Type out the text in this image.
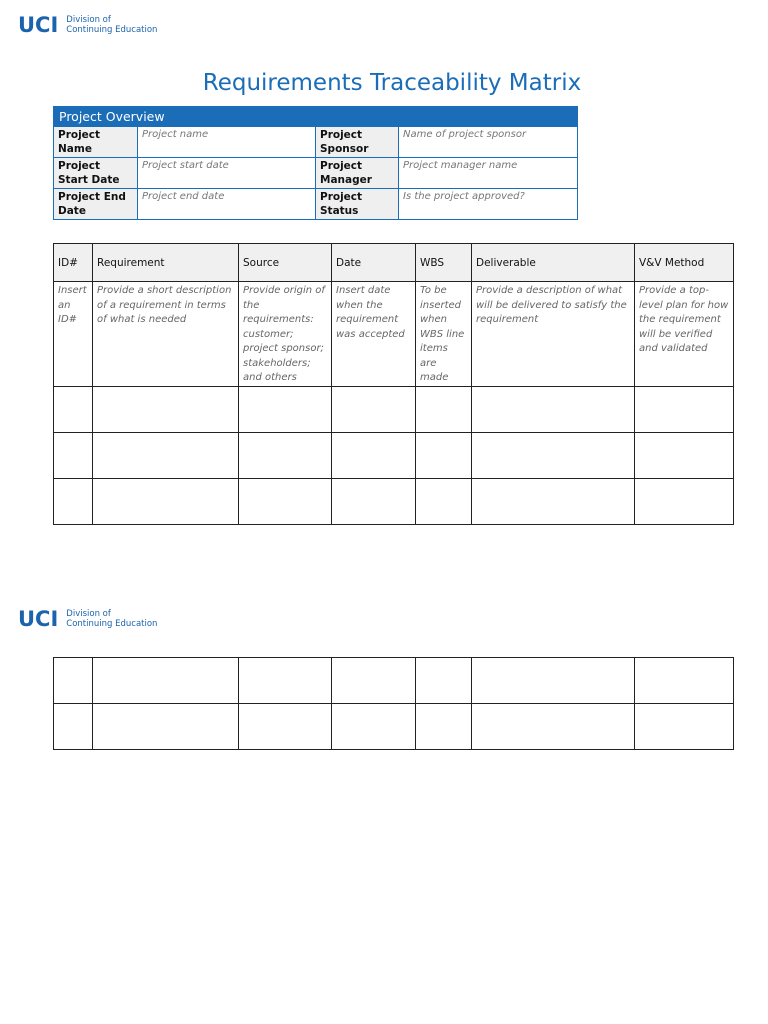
UCI Division of
Continuing Education
Requirements Traceability Matrix
Project Overview			
Project Name	Project name	Project Sponsor	Name of project sponsor
Project Start Date	Project start date	Project Manager	Project manager name
Project End Date	Project end date	Project Status	Is the project approved?
ID#	Requirement	Source	Date	WBS	Deliverable	V&V Method
Insert an ID#	Provide a short description of a requirement in terms of what is needed	Provide origin of the requirements: customer; project sponsor; stakeholders; and others	Insert date when the requirement was accepted	To be inserted when WBS line items are made	Provide a description of what will be delivered to satisfy the requirement	Provide a top-level plan for how the requirement will be verified and validated

UCI Division of
Continuing Education
